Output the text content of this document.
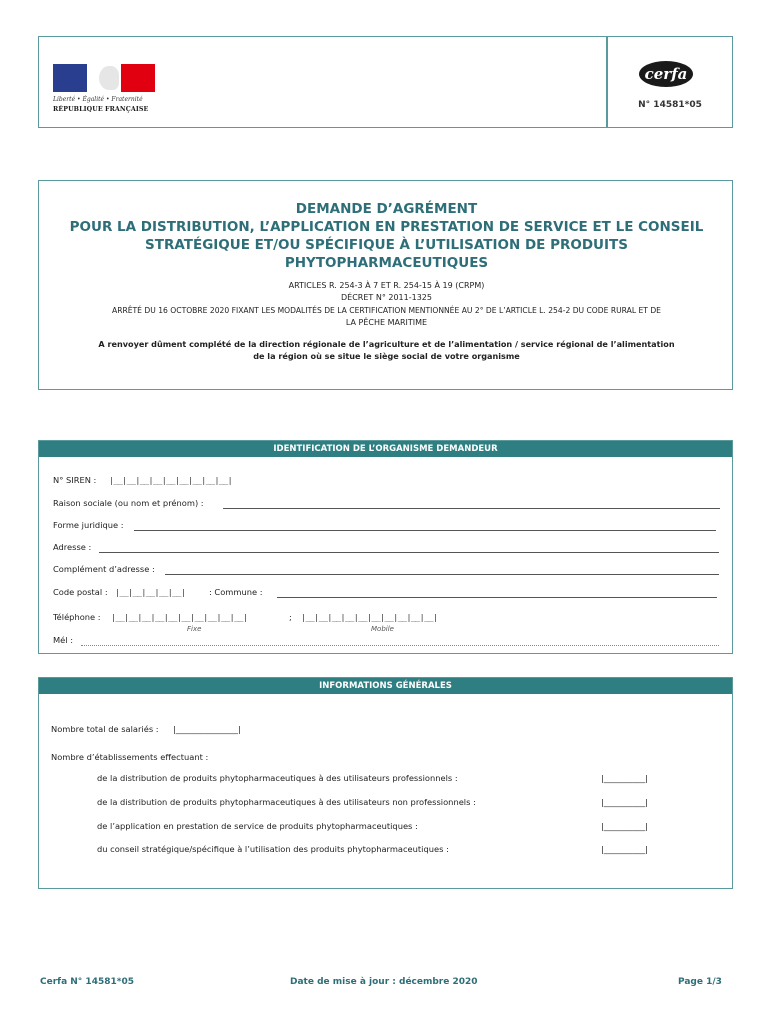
Liberté • Égalité • Fraternité
RÉPUBLIQUE FRANÇAISE
cerfa
N° 14581*05
DEMANDE D’AGRÉMENT
POUR LA DISTRIBUTION, L’APPLICATION EN PRESTATION DE SERVICE ET LE CONSEIL
STRATÉGIQUE ET/OU SPÉCIFIQUE À L’UTILISATION DE PRODUITS
PHYTOPHARMACEUTIQUES
ARTICLES R. 254-3 À 7 ET R. 254-15 À 19 (CRPM)
DÉCRET N° 2011-1325
ARRÊTÉ DU 16 OCTOBRE 2020 FIXANT LES MODALITÉS DE LA CERTIFICATION MENTIONNÉE AU 2° DE L’ARTICLE L. 254-2 DU CODE RURAL ET DE
LA PÊCHE MARITIME
A renvoyer dûment complété de la direction régionale de l’agriculture et de l’alimentation / service régional de l’alimentation
de la région où se situe le siège social de votre organisme
IDENTIFICATION DE L’ORGANISME DEMANDEUR
N° SIREN : |__|__|__|__|__|__|__|__|__|
Raison sociale (ou nom et prénom) :
Forme juridique :
Adresse :
Complément d’adresse :
Code postal : |__|__|__|__|__|	: Commune :
Téléphone : |__|__|__|__|__|__|__|__|__|__|	; |__|__|__|__|__|__|__|__|__|__|
Fixe	Mobile
Mél :
INFORMATIONS GÉNÉRALES
Nombre total de salariés : |_______________|
Nombre d’établissements effectuant :
de la distribution de produits phytopharmaceutiques à des utilisateurs professionnels :	|__________|
de la distribution de produits phytopharmaceutiques à des utilisateurs non professionnels :	|__________|
de l’application en prestation de service de produits phytopharmaceutiques :	|__________|
du conseil stratégique/spécifique à l’utilisation des produits phytopharmaceutiques :	|__________|
Cerfa N° 14581*05	Date de mise à jour : décembre 2020	Page 1/3
